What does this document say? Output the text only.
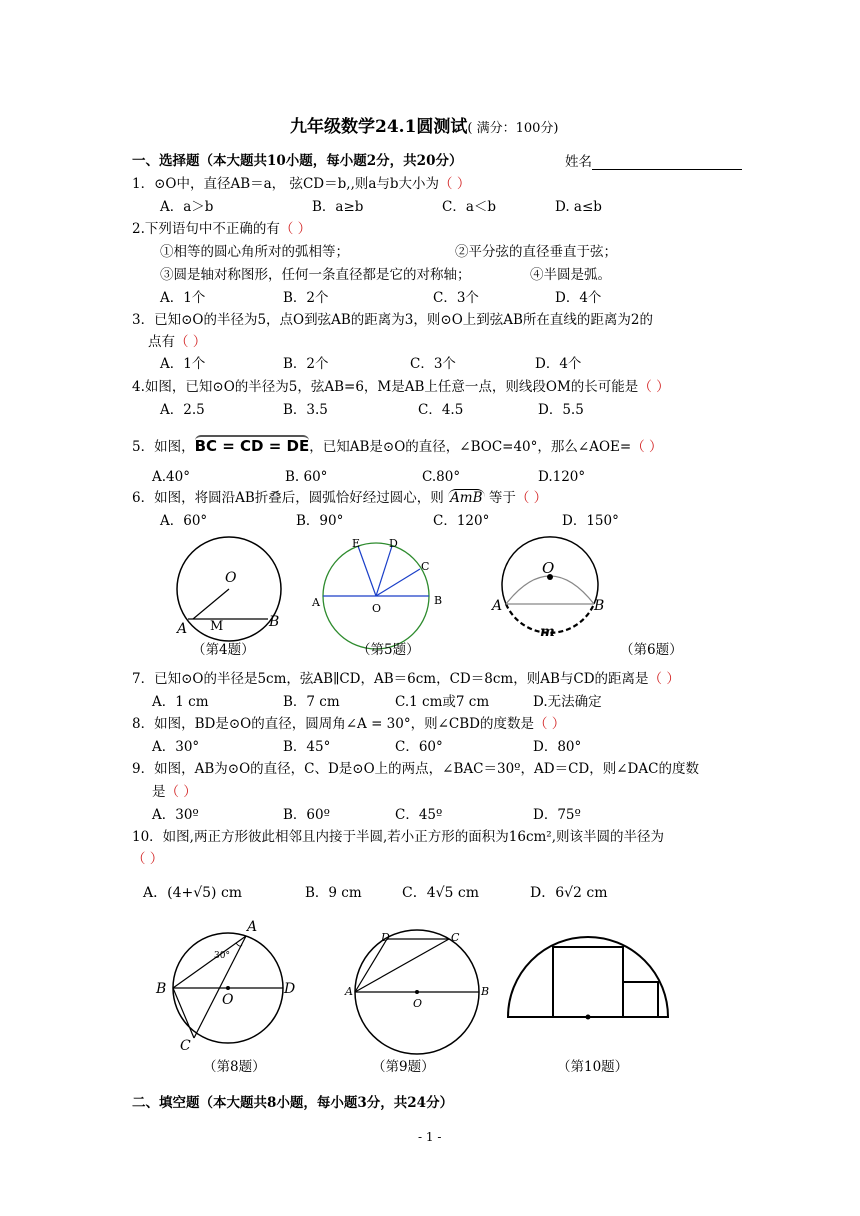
九年级数学24.1圆测试( 满分：100分)
一、选择题（本大题共10小题，每小题2分，共20分）	姓名
1．⊙O中，直径AB＝a， 弦CD＝b,,则a与b大小为（ ）
A．a＞b	B．a≥b	C．a＜b	D. a≤b
2.下列语句中不正确的有（ ）
①相等的圆心角所对的弧相等；	②平分弦的直径垂直于弦；
③圆是轴对称图形，任何一条直径都是它的对称轴；	④半圆是弧。
A．1个	B．2个	C．3个	D．4个
3．已知⊙O的半径为5，点O到弦AB的距离为3，则⊙O上到弦AB所在直线的距离为2的
点有（ ）
A．1个	B．2个	C．3个	D．4个
4.如图，已知⊙O的半径为5，弦AB=6，M是AB上任意一点，则线段OM的长可能是（ ）
A．2.5	B．3.5	C．4.5	D．5.5
5．如图，BC = CD = DE，已知AB是⊙O的直径，∠BOC=40°，那么∠AOE=（ ）
A.40°	B. 60°	C.80°	D.120°
6．如图，将圆沿AB折叠后，圆弧恰好经过圆心，则 AmB 等于（ ）
A．60°	B．90°	C．120°	D．150°
O
A M	B
（第4题）
E	D
C
A	O
B
（第5题）
O
A	B
m
（第6题）
7．已知⊙O的半径是5cm，弦AB∥CD，AB＝6cm，CD＝8cm，则AB与CD的距离是（ ）
A．1 cm	B．7 cm	C.1 cm或7 cm	D.无法确定
8．如图，BD是⊙O的直径，圆周角∠A = 30°，则∠CBD的度数是（ ）
A．30°	B．45°	C．60°	D．80°
9．如图，AB为⊙O的直径，C、D是⊙O上的两点，∠BAC＝30º，AD＝CD，则∠DAC的度数
是（ ）
A．30º	B．60º	C．45º	D．75º
10．如图,两正方形彼此相邻且内接于半圆,若小正方形的面积为16cm²,则该半圆的半径为
（ ）
A．(4+√5) cm	B．9 cm	C．4√5 cm	D．6√2 cm
A
30°
B	D
O
C
（第8题）
D	C
A
O
B
（第9题）	（第10题）
二、填空题（本大题共8小题，每小题3分，共24分）
- 1 -
